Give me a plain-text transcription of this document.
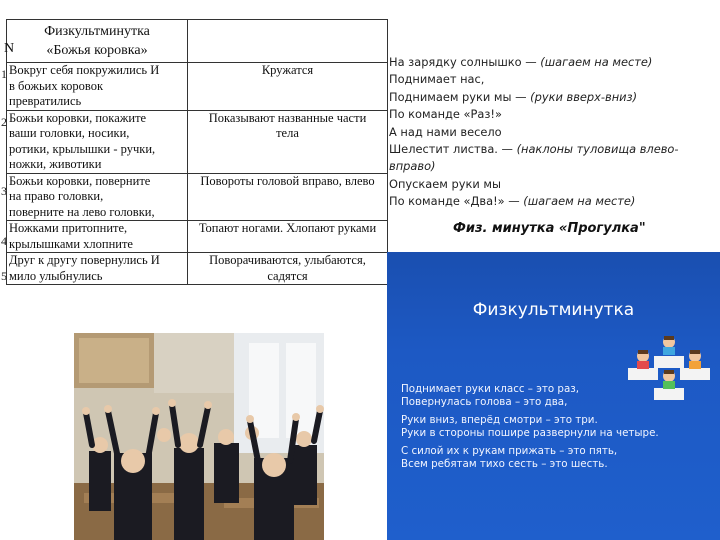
Физкультминутка
«Божья коровка»	

Вокруг себя покружились И
в божьих коровок
превратились	Кружатся

Божьи коровки, покажите
ваши головки, носики,
ротики, крылышки - ручки,
ножки, животики	Показывают названные части
тела

Божьи коровки, поверните
на право головки,
поверните на лево головки,	Повороты головой вправо, влево

Ножками притопните,
крылышками хлопните	Топают ногами. Хлопают руками

Друг к другу повернулись И
мило улыбнулись	Поворачиваются, улыбаются,
садятся
N
1
2
3
4
5
На зарядку солнышко — (шагаем на месте)
Поднимает нас,
Поднимаем руки мы — (руки вверх-вниз)
По команде «Раз!»
А над нами весело
Шелестит листва. — (наклоны туловища влево-вправо)
Опускаем руки мы
По команде «Два!» — (шагаем на месте)
Физ. минутка «Прогулка"
Физкультминутка
Поднимает руки класс – это раз,
Повернулась голова – это два,
Руки вниз, вперёд смотри – это три.
Руки в стороны пошире развернули на четыре.
С силой их к рукам прижать – это пять,
Всем ребятам тихо сесть – это шесть.
